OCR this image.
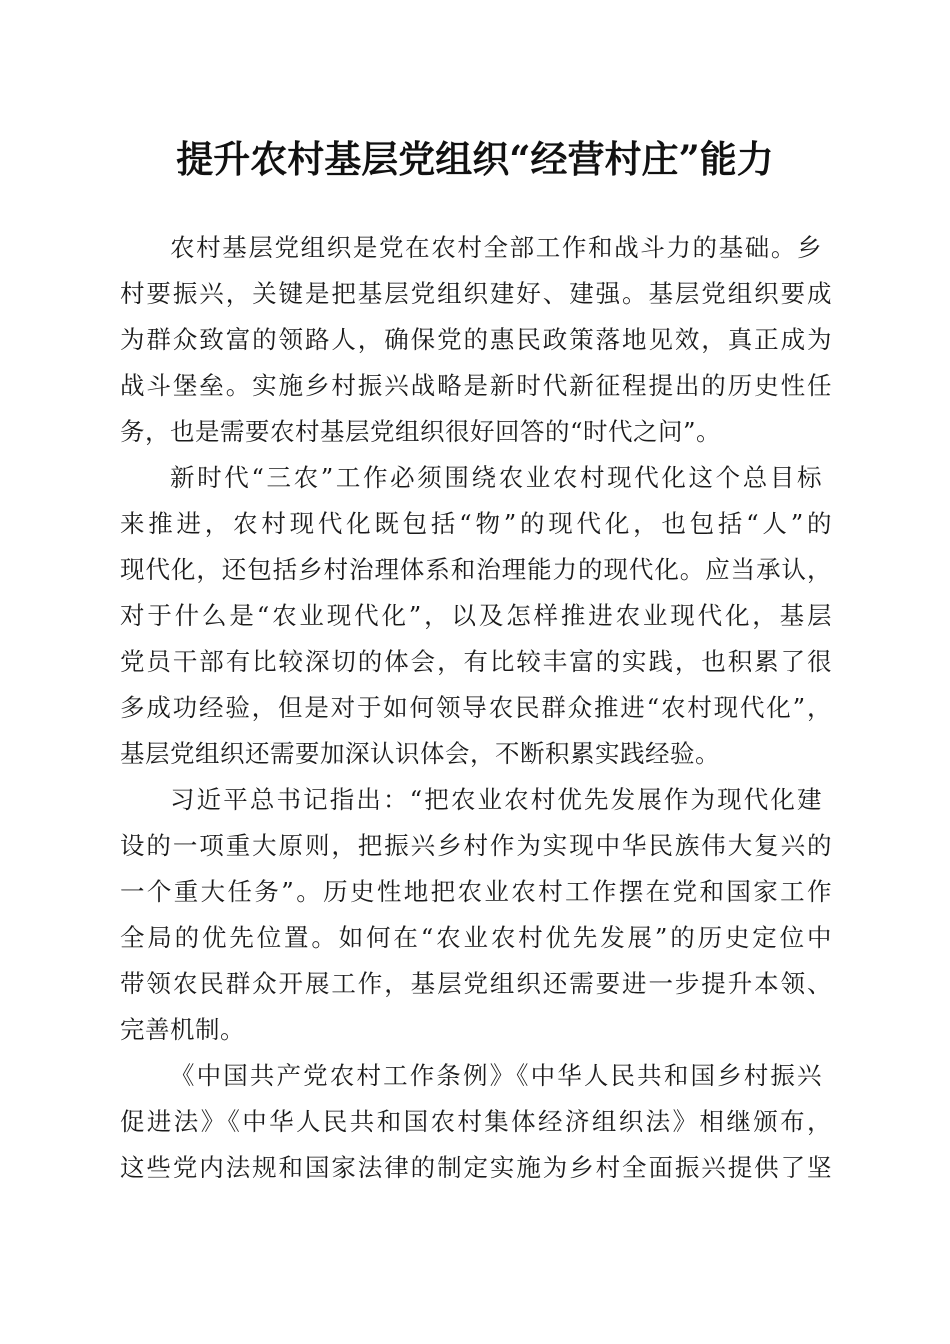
提升农村基层党组织“经营村庄”能力
农村基层党组织是党在农村全部工作和战斗力的基础。乡
村要振兴，关键是把基层党组织建好、建强。基层党组织要成
为群众致富的领路人，确保党的惠民政策落地见效，真正成为
战斗堡垒。实施乡村振兴战略是新时代新征程提出的历史性任
务，也是需要农村基层党组织很好回答的“时代之问”。
新时代“三农”工作必须围绕农业农村现代化这个总目标
来推进，农村现代化既包括“物”的现代化，也包括“人”的
现代化，还包括乡村治理体系和治理能力的现代化。应当承认，
对于什么是“农业现代化”，以及怎样推进农业现代化，基层
党员干部有比较深切的体会，有比较丰富的实践，也积累了很
多成功经验，但是对于如何领导农民群众推进“农村现代化”，
基层党组织还需要加深认识体会，不断积累实践经验。
习近平总书记指出：“把农业农村优先发展作为现代化建
设的一项重大原则，把振兴乡村作为实现中华民族伟大复兴的
一个重大任务”。历史性地把农业农村工作摆在党和国家工作
全局的优先位置。如何在“农业农村优先发展”的历史定位中
带领农民群众开展工作，基层党组织还需要进一步提升本领、
完善机制。
《中国共产党农村工作条例》《中华人民共和国乡村振兴
促进法》《中华人民共和国农村集体经济组织法》相继颁布，
这些党内法规和国家法律的制定实施为乡村全面振兴提供了坚
